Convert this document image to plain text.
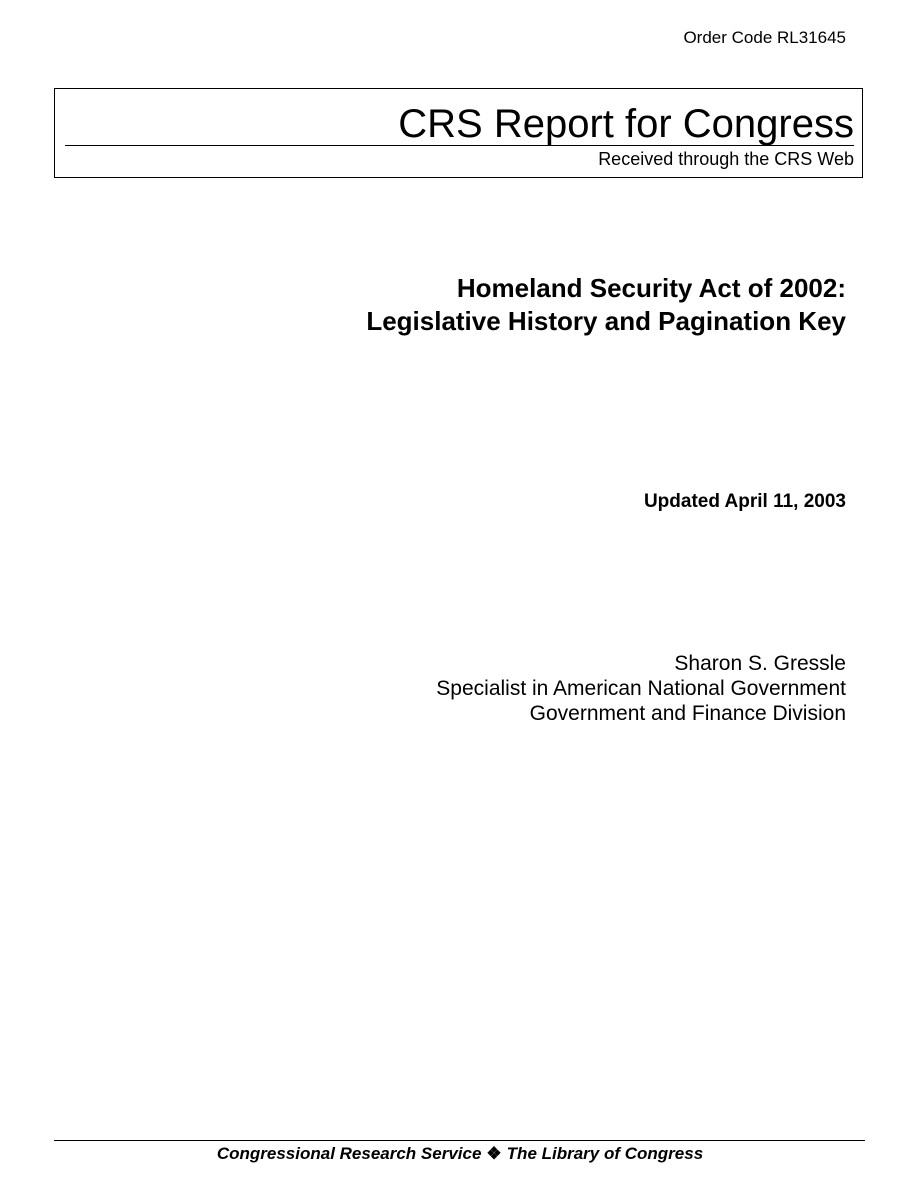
Order Code RL31645
CRS Report for Congress
Received through the CRS Web
Homeland Security Act of 2002:
Legislative History and Pagination Key
Updated April 11, 2003
Sharon S. Gressle
Specialist in American National Government
Government and Finance Division
Congressional Research Service ❖ The Library of Congress
